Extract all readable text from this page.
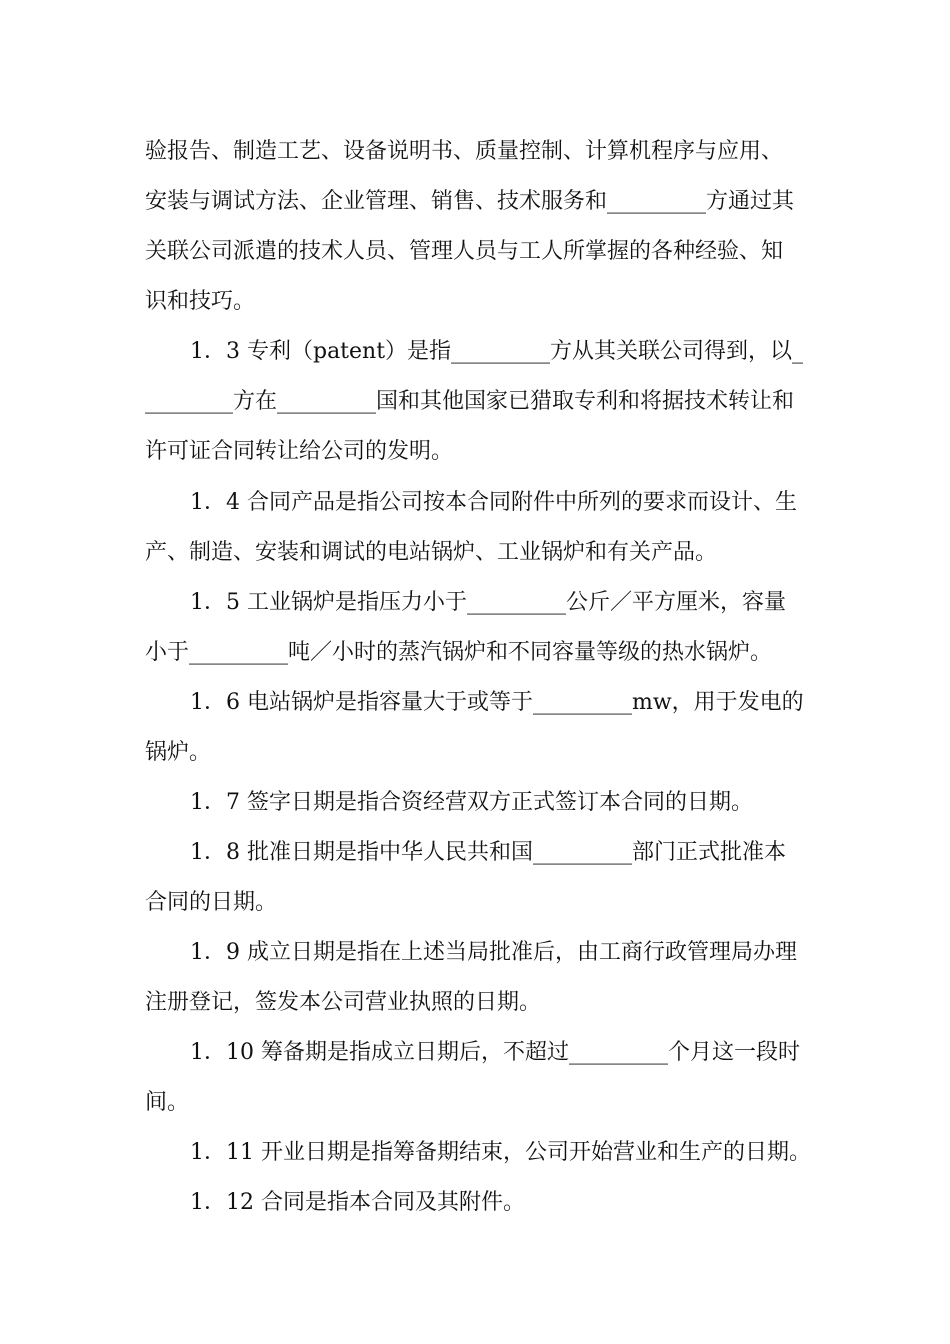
验报告、制造工艺、设备说明书、质量控制、计算机程序与应用、
安装与调试方法、企业管理、销售、技术服务和_________方通过其
关联公司派遣的技术人员、管理人员与工人所掌握的各种经验、知
识和技巧。
1．3 专利（patent）是指_________方从其关联公司得到，以_
________方在_________国和其他国家已猎取专利和将据技术转让和
许可证合同转让给公司的发明。
1．4 合同产品是指公司按本合同附件中所列的要求而设计、生
产、制造、安装和调试的电站锅炉、工业锅炉和有关产品。
1．5 工业锅炉是指压力小于_________公斤／平方厘米，容量
小于_________吨／小时的蒸汽锅炉和不同容量等级的热水锅炉。
1．6 电站锅炉是指容量大于或等于_________mw，用于发电的
锅炉。
1．7 签字日期是指合资经营双方正式签订本合同的日期。
1．8 批准日期是指中华人民共和国_________部门正式批准本
合同的日期。
1．9 成立日期是指在上述当局批准后，由工商行政管理局办理
注册登记，签发本公司营业执照的日期。
1．10 筹备期是指成立日期后，不超过_________个月这一段时
间。
1．11 开业日期是指筹备期结束，公司开始营业和生产的日期。
1．12 合同是指本合同及其附件。
